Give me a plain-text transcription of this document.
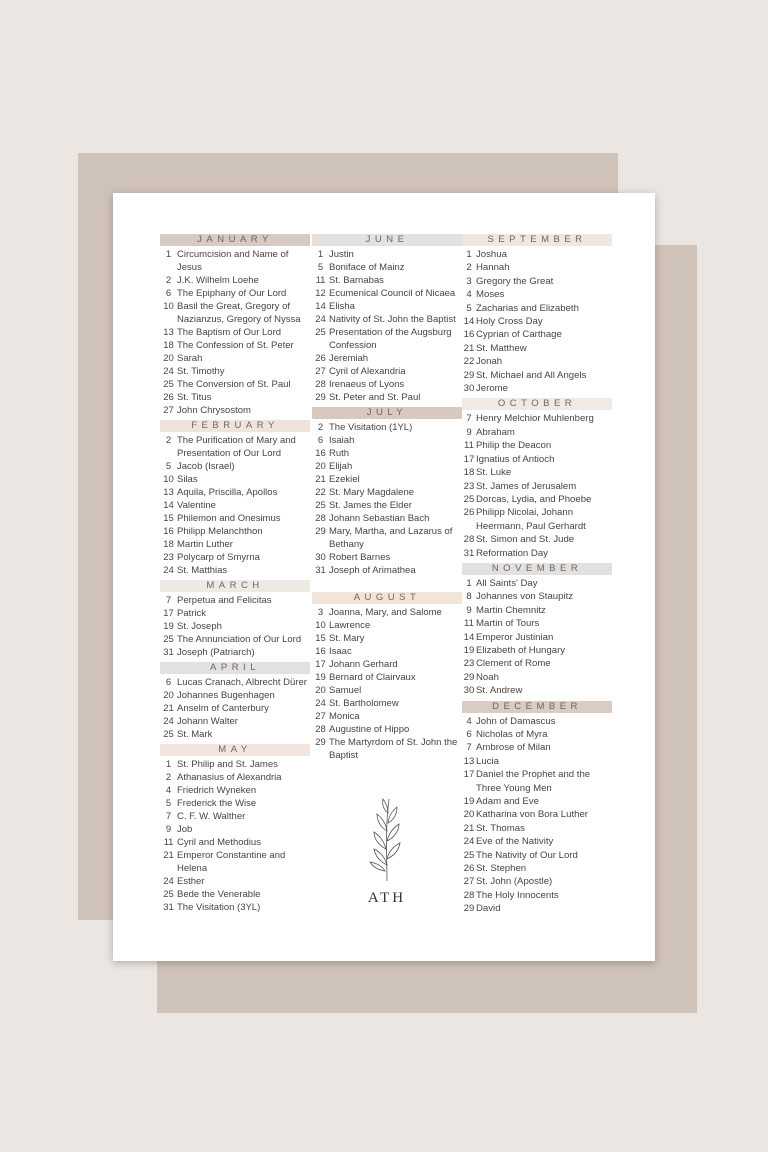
JANUARY
1 Circumcision and Name of Jesus
2 J.K. Wilhelm Loehe
6 The Epiphany of Our Lord
10 Basil the Great, Gregory of Nazianzus, Gregory of Nyssa
13 The Baptism of Our Lord
18 The Confession of St. Peter
20 Sarah
24 St. Timothy
25 The Conversion of St. Paul
26 St. Titus
27 John Chrysostom
FEBRUARY
2 The Purification of Mary and Presentation of Our Lord
5 Jacob (Israel)
10 Silas
13 Aquila, Priscilla, Apollos
14 Valentine
15 Philemon and Onesimus
16 Philipp Melanchthon
18 Martin Luther
23 Polycarp of Smyrna
24 St. Matthias
MARCH
7 Perpetua and Felicitas
17 Patrick
19 St. Joseph
25 The Annunciation of Our Lord
31 Joseph (Patriarch)
APRIL
6 Lucas Cranach, Albrecht Dürer
20 Johannes Bugenhagen
21 Anselm of Canterbury
24 Johann Walter
25 St. Mark
MAY
1 St. Philip and St. James
2 Athanasius of Alexandria
4 Friedrich Wyneken
5 Frederick the Wise
7 C. F. W. Walther
9 Job
11 Cyril and Methodius
21 Emperor Constantine and Helena
24 Esther
25 Bede the Venerable
31 The Visitation (3YL)
JUNE
1 Justin
5 Boniface of Mainz
11 St. Barnabas
12 Ecumenical Council of Nicaea
14 Elisha
24 Nativity of St. John the Baptist
25 Presentation of the Augsburg Confession
26 Jeremiah
27 Cyril of Alexandria
28 Irenaeus of Lyons
29 St. Peter and St. Paul
JULY
2 The Visitation (1YL)
6 Isaiah
16 Ruth
20 Elijah
21 Ezekiel
22 St. Mary Magdalene
25 St. James the Elder
28 Johann Sebastian Bach
29 Mary, Martha, and Lazarus of Bethany
30 Robert Barnes
31 Joseph of Arimathea
AUGUST
3 Joanna, Mary, and Salome
10 Lawrence
15 St. Mary
16 Isaac
17 Johann Gerhard
19 Bernard of Clairvaux
20 Samuel
24 St. Bartholomew
27 Monica
28 Augustine of Hippo
29 The Martyrdom of St. John the Baptist
ATH
SEPTEMBER
1 Joshua
2 Hannah
3 Gregory the Great
4 Moses
5 Zacharias and Elizabeth
14 Holy Cross Day
16 Cyprian of Carthage
21 St. Matthew
22 Jonah
29 St. Michael and All Angels
30 Jerome
OCTOBER
7 Henry Melchior Muhlenberg
9 Abraham
11 Philip the Deacon
17 Ignatius of Antioch
18 St. Luke
23 St. James of Jerusalem
25 Dorcas, Lydia, and Phoebe
26 Philipp Nicolai, Johann Heermann, Paul Gerhardt
28 St. Simon and St. Jude
31 Reformation Day
NOVEMBER
1 All Saints' Day
8 Johannes von Staupitz
9 Martin Chemnitz
11 Martin of Tours
14 Emperor Justinian
19 Elizabeth of Hungary
23 Clement of Rome
29 Noah
30 St. Andrew
DECEMBER
4 John of Damascus
6 Nicholas of Myra
7 Ambrose of Milan
13 Lucia
17 Daniel the Prophet and the Three Young Men
19 Adam and Eve
20 Katharina von Bora Luther
21 St. Thomas
24 Eve of the Nativity
25 The Nativity of Our Lord
26 St. Stephen
27 St. John (Apostle)
28 The Holy Innocents
29 David
